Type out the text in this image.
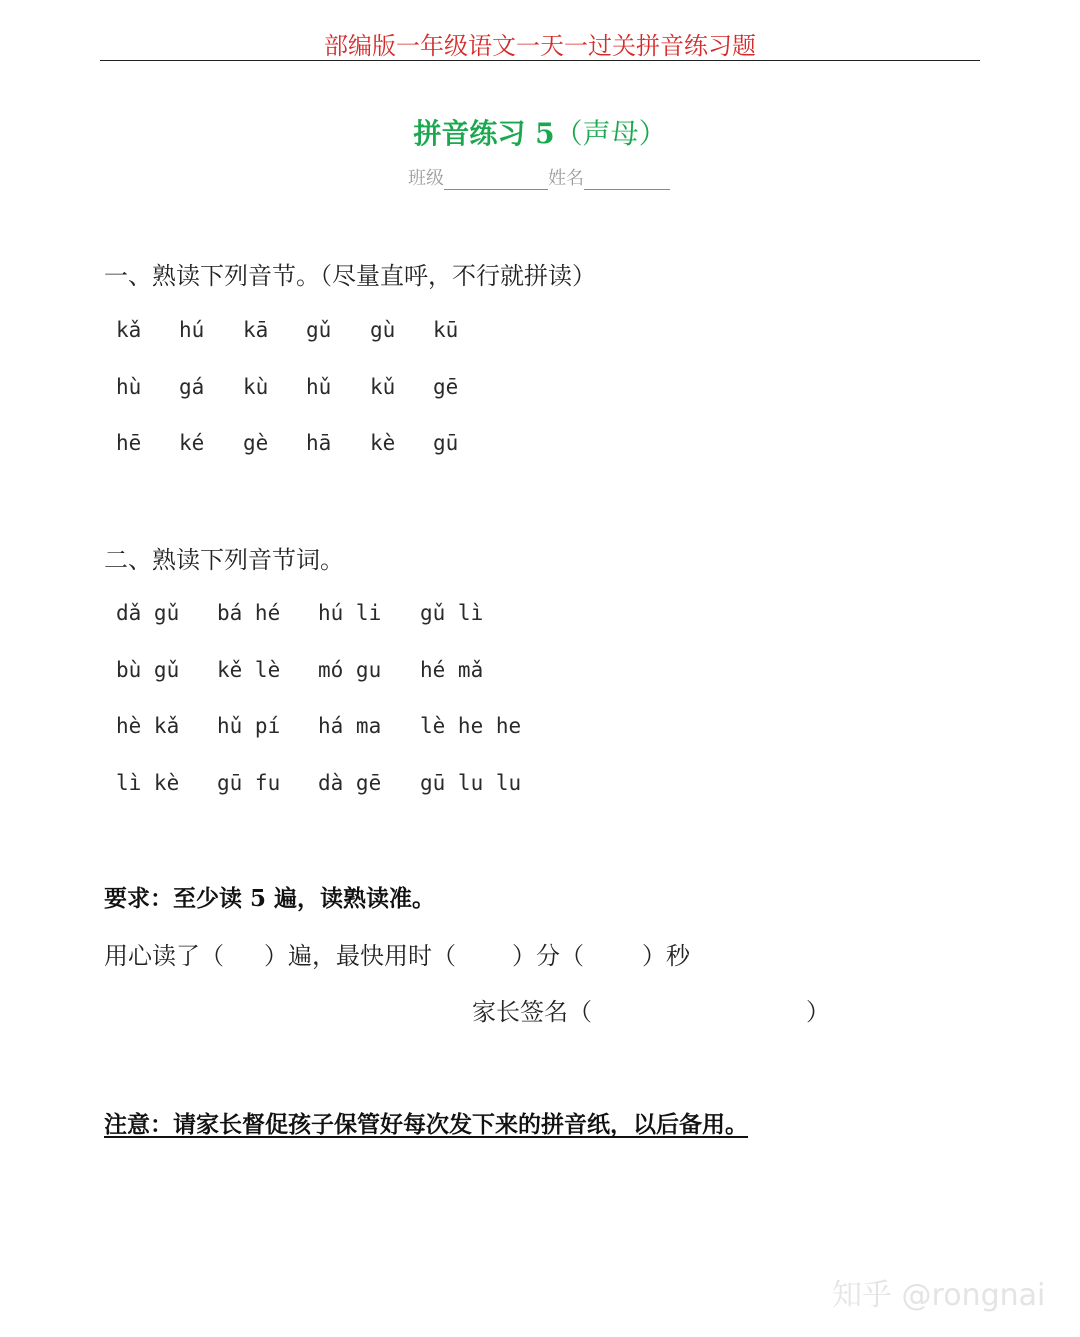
部编版一年级语文一天一过关拼音练习题
拼音练习 5（声母）
班级	姓名
一、熟读下列音节。（尽量直呼，不行就拼读）
kǎ hú kā gǔ gù kū
hù gá kù hǔ kǔ gē
hē ké gè hā kè gū
二、熟读下列音节词。
dǎ gǔ bá hé hú li gǔ lì
bù gǔ kě lè mó gu hé mǎ
hè kǎ hǔ pí há ma lè he he
lì kè gū fu dà gē gū lu lu
要求：至少读 5 遍，读熟读准。
用心读了（ ）遍，最快用时（ ）分（ ）秒
家长签名（	）
注意：请家长督促孩子保管好每次发下来的拼音纸，以后备用。
知乎 @rongnai
